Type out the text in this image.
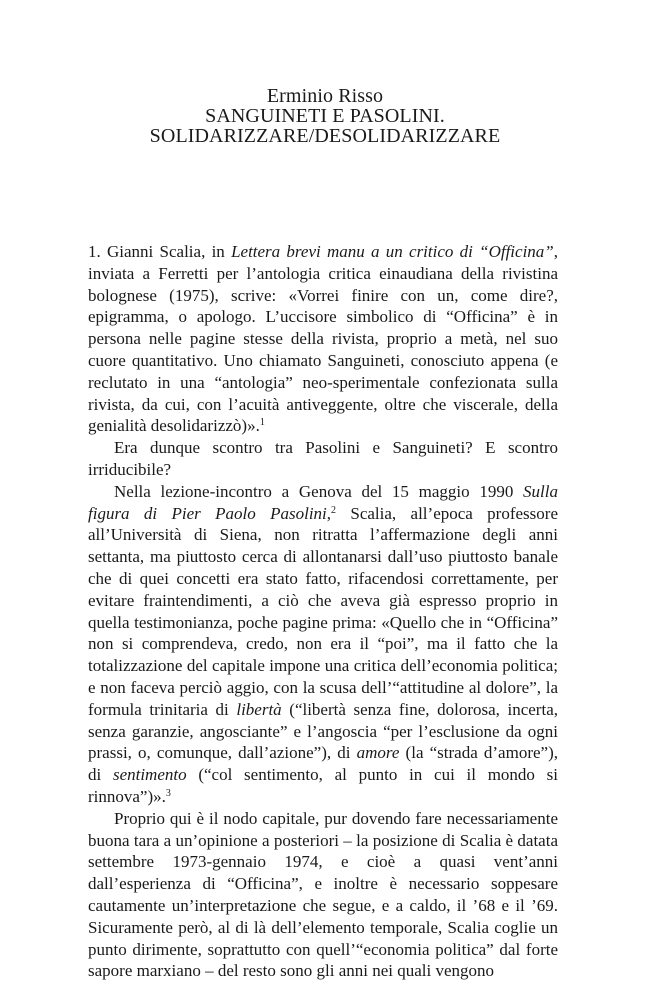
Erminio Risso
SANGUINETI E PASOLINI.
SOLIDARIZZARE/DESOLIDARIZZARE

1. Gianni Scalia, in Lettera brevi manu a un critico di “Officina”, inviata a Ferretti per l’antologia critica einaudiana della rivistina bolognese (1975), scrive: «Vorrei finire con un, come dire?, epigramma, o apologo. L’uccisore simbolico di “Officina” è in persona nelle pagine stesse della rivista, proprio a metà, nel suo cuore quantitativo. Uno chiamato Sanguineti, conosciuto appena (e reclutato in una “antologia” neo-sperimentale confezionata sulla rivista, da cui, con l’acuità antiveggente, oltre che viscerale, della genialità desolidarizzò)».$^1$

Era dunque scontro tra Pasolini e Sanguineti? E scontro irriducibile?

Nella lezione-incontro a Genova del 15 maggio 1990 Sulla figura di Pier Paolo Pasolini,$^2$ Scalia, all’epoca professore all’Università di Siena, non ritratta l’affermazione degli anni settanta, ma piuttosto cerca di allontanarsi dall’uso piuttosto banale che di quei concetti era stato fatto, rifacendosi correttamente, per evitare fraintendimenti, a ciò che aveva già espresso proprio in quella testimonianza, poche pagine prima: «Quello che in “Officina” non si comprendeva, credo, non era il “poi”, ma il fatto che la totalizzazione del capitale impone una critica dell’economia politica; e non faceva perciò aggio, con la scusa dell’“attitudine al dolore”, la formula trinitaria di libertà (“libertà senza fine, dolorosa, incerta, senza garanzie, angosciante” e l’angoscia “per l’esclusione da ogni prassi, o, comunque, dall’azione”), di amore (la “strada d’amore”), di sentimento (“col sentimento, al punto in cui il mondo si rinnova”)».$^3$

Proprio qui è il nodo capitale, pur dovendo fare necessariamente buona tara a un’opinione a posteriori – la posizione di Scalia è datata settembre 1973-gennaio 1974, e cioè a quasi vent’anni dall’esperienza di “Officina”, e inoltre è necessario soppesare cautamente un’interpretazione che segue, e a caldo, il ’68 e il ’69. Sicuramente però, al di là dell’elemento temporale, Scalia coglie un punto dirimente, soprattutto con quell’“economia politica” dal forte sapore marxiano – del resto sono gli anni nei quali vengono
